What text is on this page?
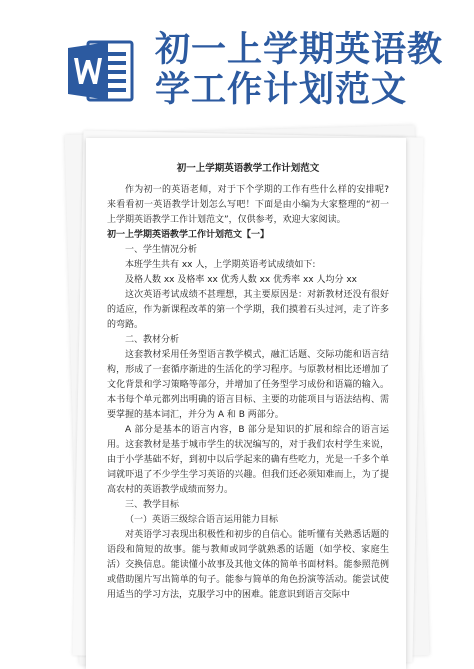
初一上学期英语教
学工作计划范文
初一上学期英语教学工作计划范文

作为初一的英语老师，对于下个学期的工作有些什么样的安排呢?来看看初一英语教学计划怎么写吧！下面是由小编为大家整理的“初一上学期英语教学工作计划范文”，仅供参考，欢迎大家阅读。

初一上学期英语教学工作计划范文【一】

一、学生情况分析

本班学生共有 xx 人，上学期英语考试成绩如下:

及格人数 xx 及格率 xx 优秀人数 xx 优秀率 xx 人均分 xx

这次英语考试成绩不甚理想，其主要原因是：对新教材还没有很好的适应，作为新课程改革的第一个学期，我们摸着石头过河，走了许多的弯路。

二、教材分析

这套教材采用任务型语言教学模式，融汇话题、交际功能和语言结构，形成了一套循序渐进的生活化的学习程序。与原教材相比还增加了文化背景和学习策略等部分，并增加了任务型学习成份和语篇的输入。本书每个单元都列出明确的语言目标、主要的功能项目与语法结构、需要掌握的基本词汇，并分为 A 和 B 两部分。

A 部分是基本的语言内容，B 部分是知识的扩展和综合的语言运用。这套教材是基于城市学生的状况编写的，对于我们农村学生来说，由于小学基础不好，到初中以后学起来的确有些吃力，光是一千多个单词就吓退了不少学生学习英语的兴趣。但我们还必须知难而上，为了提高农村的英语教学成绩而努力。

三、教学目标

（一）英语三级综合语言运用能力目标

对英语学习表现出积极性和初步的自信心。能听懂有关熟悉话题的语段和简短的故事。能与教师或同学就熟悉的话题（如学校、家庭生活）交换信息。能读懂小故事及其他文体的简单书面材料。能参照范例或借助图片写出简单的句子。能参与简单的角色扮演等活动。能尝试使用适当的学习方法，克服学习中的困难。能意识到语言交际中
